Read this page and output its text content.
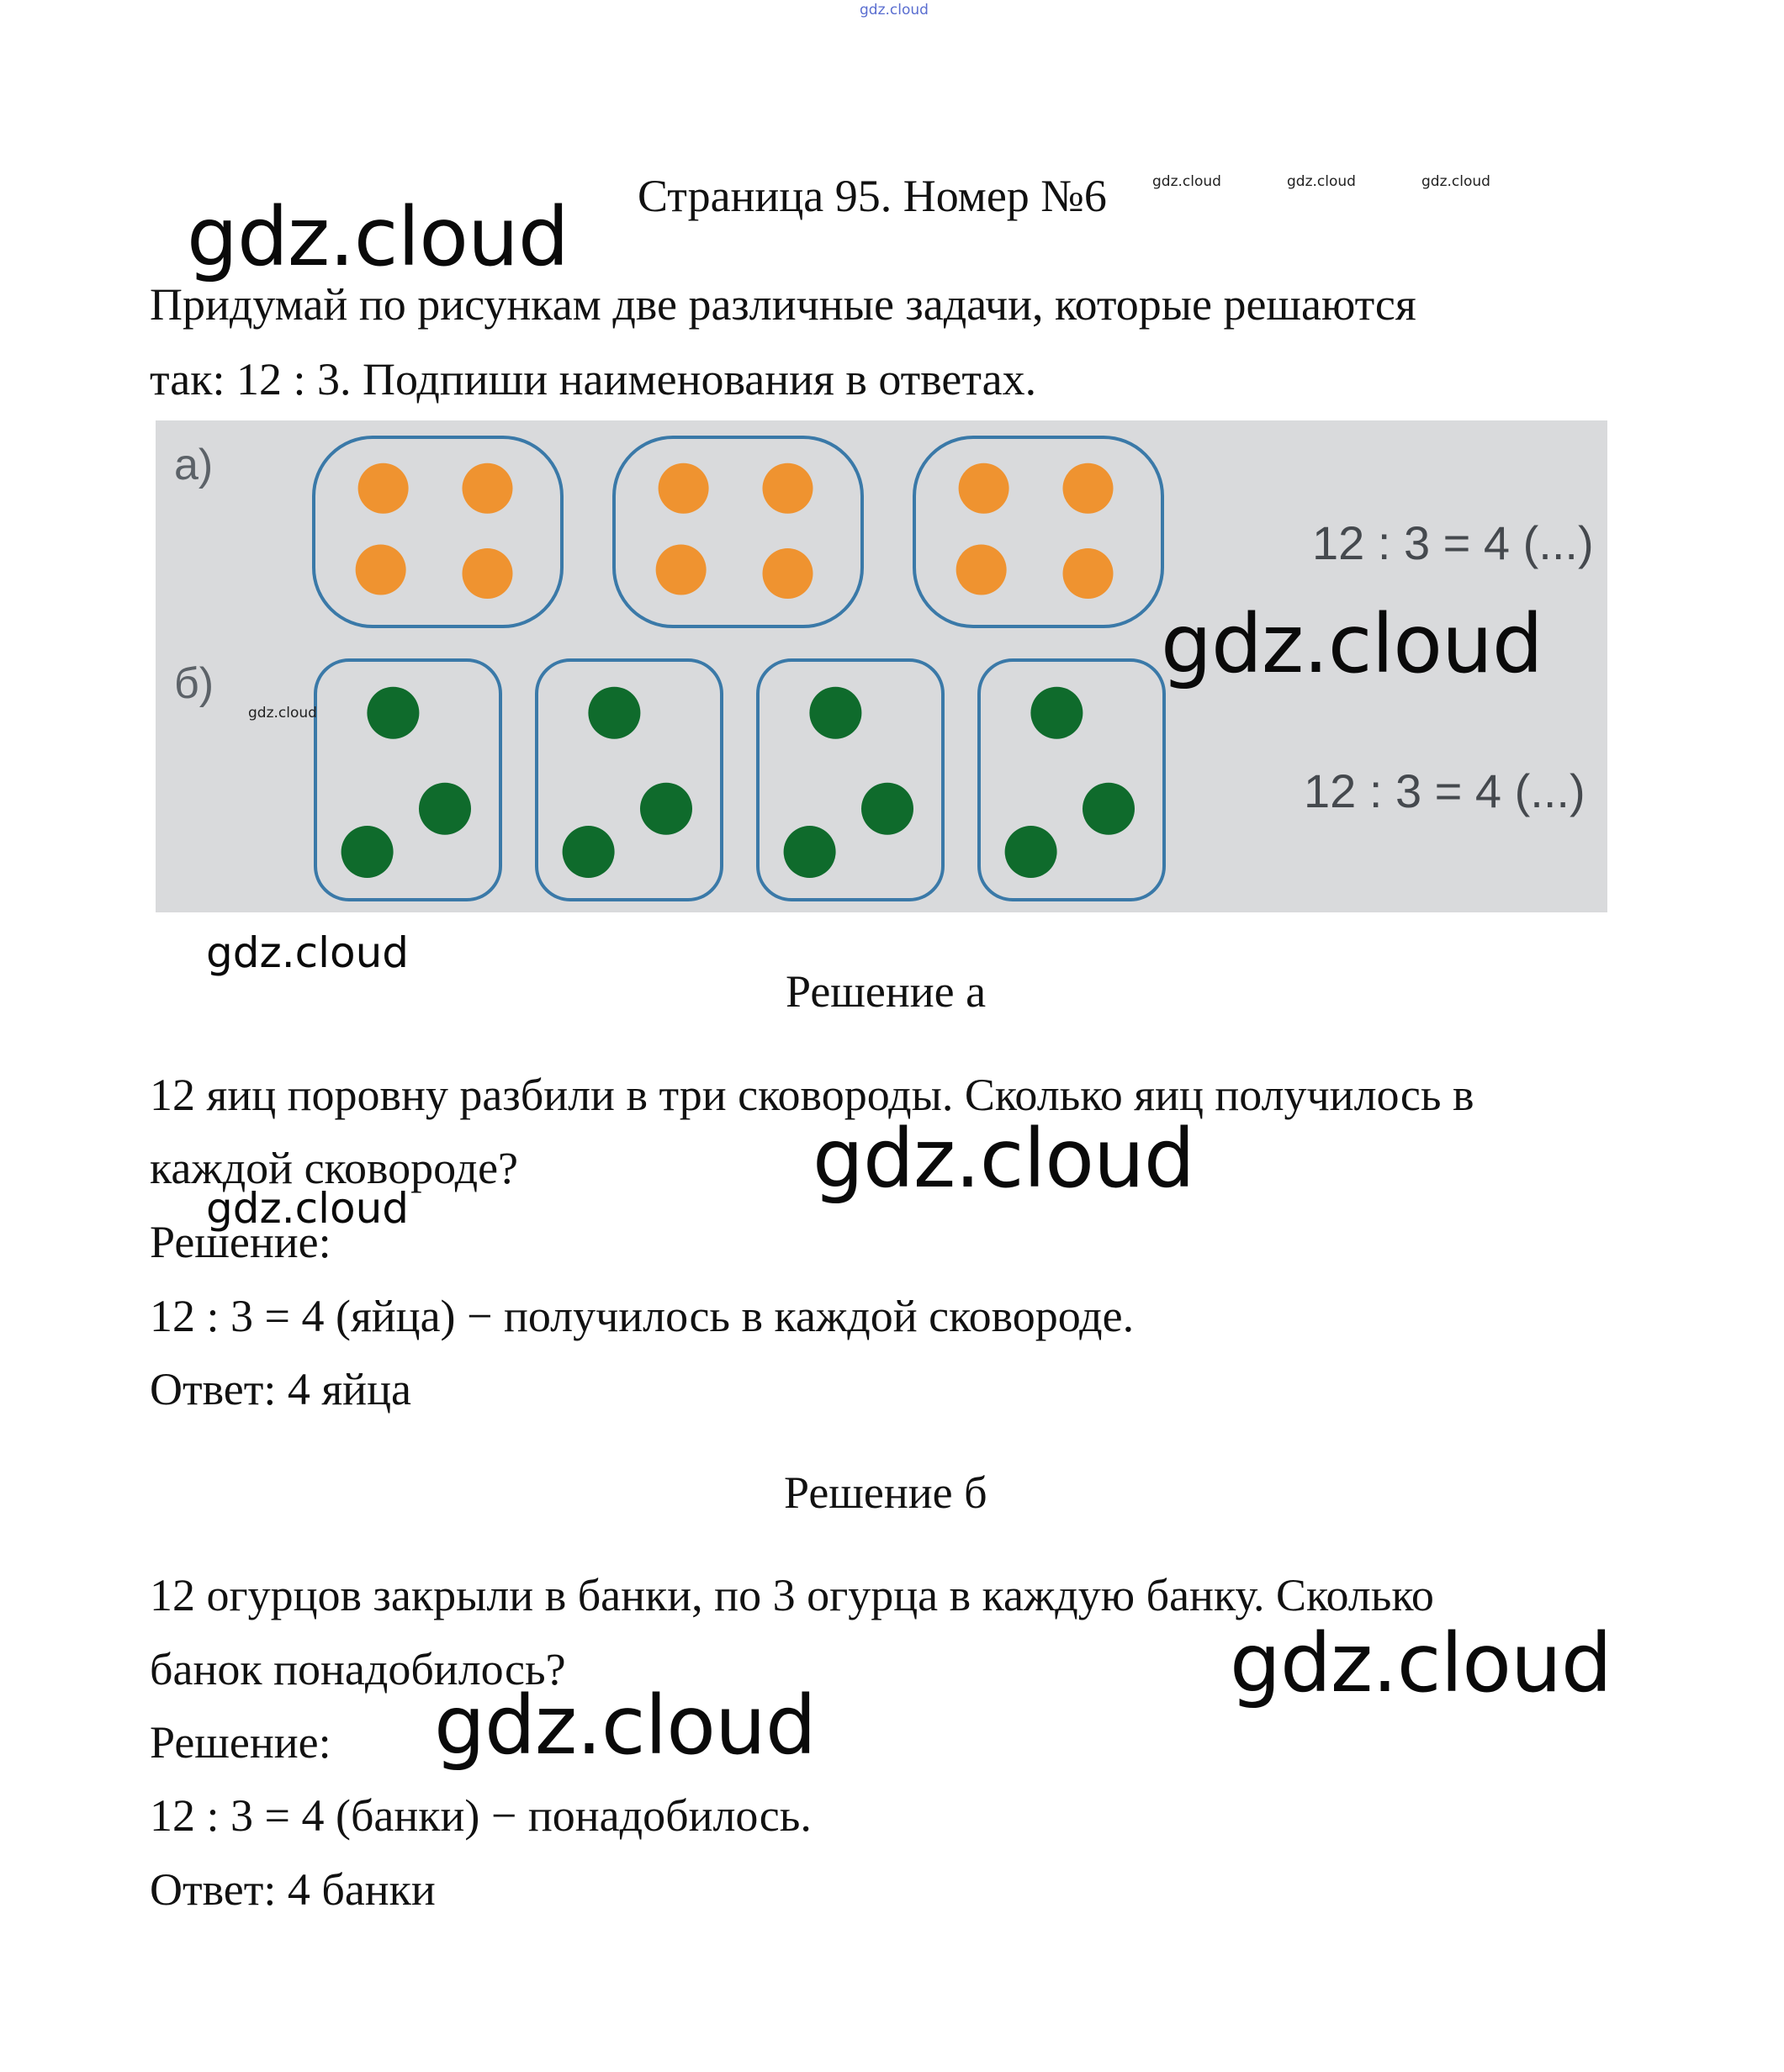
gdz.cloud
Страница 95. Номер №6	gdz.cloud	gdz.cloud	gdz.cloud
gdz.cloud
Придумай по рисункам две различные задачи, которые решаются
так: 12 : 3. Подпиши наименования в ответах.
а)
б)
12 : 3 = 4 (...)
12 : 3 = 4 (...)
gdz.cloud
gdz.cloud
gdz.cloud
Решение а
12 яиц поровну разбили в три сковороды. Сколько яиц получилось в
каждой сковороде?	gdz.cloud
gdz.cloud
Решение:
12 : 3 = 4 (яйца) − получилось в каждой сковороде.
Ответ: 4 яйца
Решение б
12 огурцов закрыли в банки, по 3 огурца в каждую банку. Сколько
банок понадобилось?	gdz.cloud
Решение: gdz.cloud
12 : 3 = 4 (банки) − понадобилось.
Ответ: 4 банки
